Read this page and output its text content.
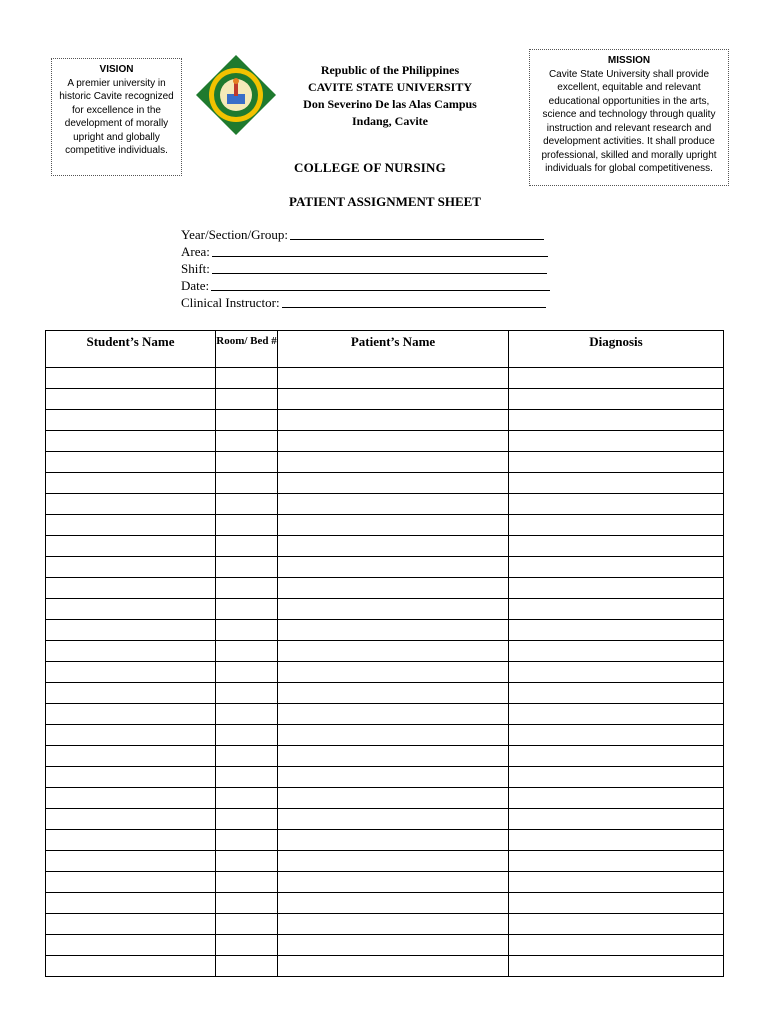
VISION
A premier university in historic Cavite recognized for excellence in the development of morally upright and globally competitive individuals.
Republic of the Philippines
CAVITE STATE UNIVERSITY
Don Severino De las Alas Campus
Indang, Cavite
MISSION
Cavite State University shall provide excellent, equitable and relevant educational opportunities in the arts, science and technology through quality instruction and relevant research and development activities. It shall produce professional, skilled and morally upright individuals for global competitiveness.
COLLEGE OF NURSING
PATIENT ASSIGNMENT SHEET
Year/Section/Group:
Area:
Shift:
Date:
Clinical Instructor:
Student’s Name	Room/ Bed #	Patient’s Name	Diagnosis
